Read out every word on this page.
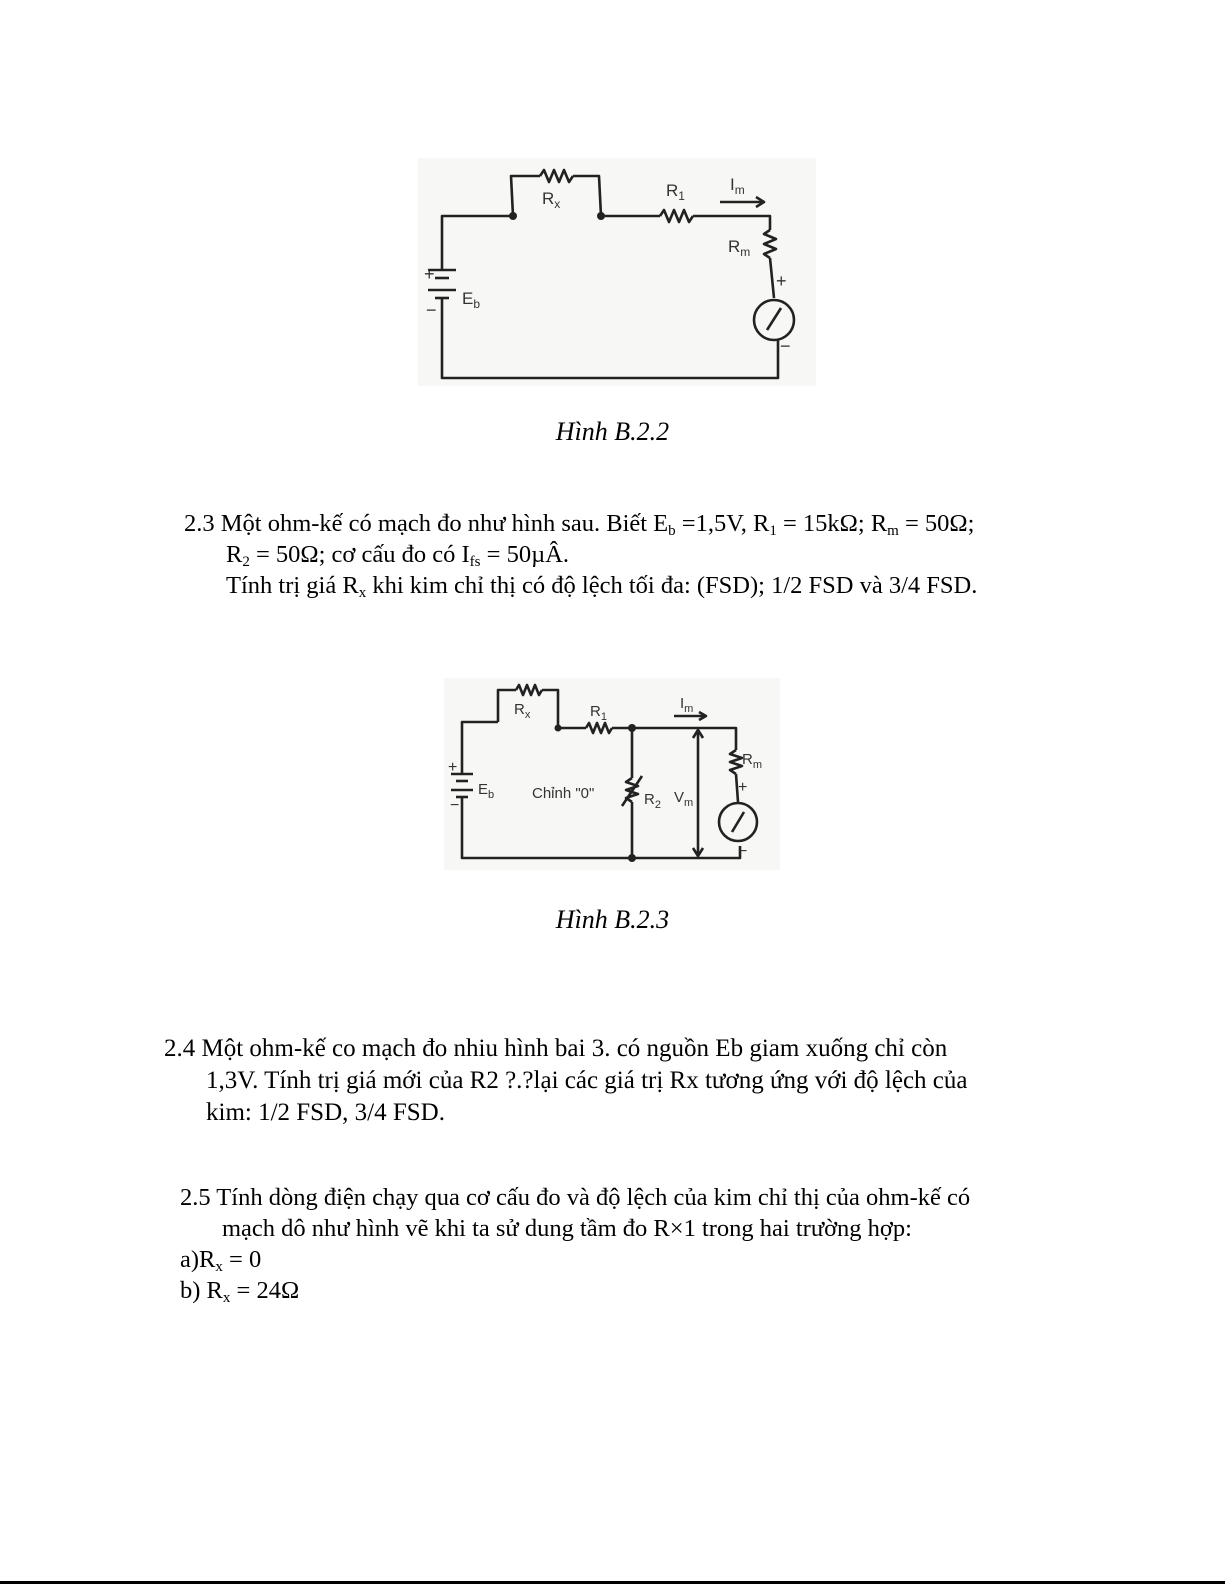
$R_x$
$R_1$
$I_m$
$R_m$
$E_b$
+
−
+
−
Hình B.2.2
2.3 Một ohm-kế có mạch đo như hình sau. Biết $E_b =1,5V$, $R_1 = 15k\Omega$; $R_m = 50\Omega$;
$R_2 = 50\Omega$; cơ cấu đo có $I_{fs}$ = 50µÂ.
Tính trị giá $R_x$ khi kim chỉ thị có độ lệch tối đa: (FSD); 1/2 FSD và 3/4 FSD.
$R_x$	$R_1$
$I_m$
$R_m$
$E_b$	Chỉnh "0"	$R_2$ $V_m$
+
−
+
−
Hình B.2.3
2.4 Một ohm-kế co mạch đo nhiu hình bai 3. có nguồn Eb giam xuống chỉ còn
1,3V. Tính trị giá mới của R2 ?.?lại các giá trị Rx tương ứng với độ lệch của
kim: 1/2 FSD, 3/4 FSD.
2.5 Tính dòng điện chạy qua cơ cấu đo và độ lệch của kim chỉ thị của ohm-kế có
mạch dô như hình vẽ khi ta sử dung tầm đo R×1 trong hai trường hợp:
$a)R_x = 0$
b) $R_x = 24\Omega$
